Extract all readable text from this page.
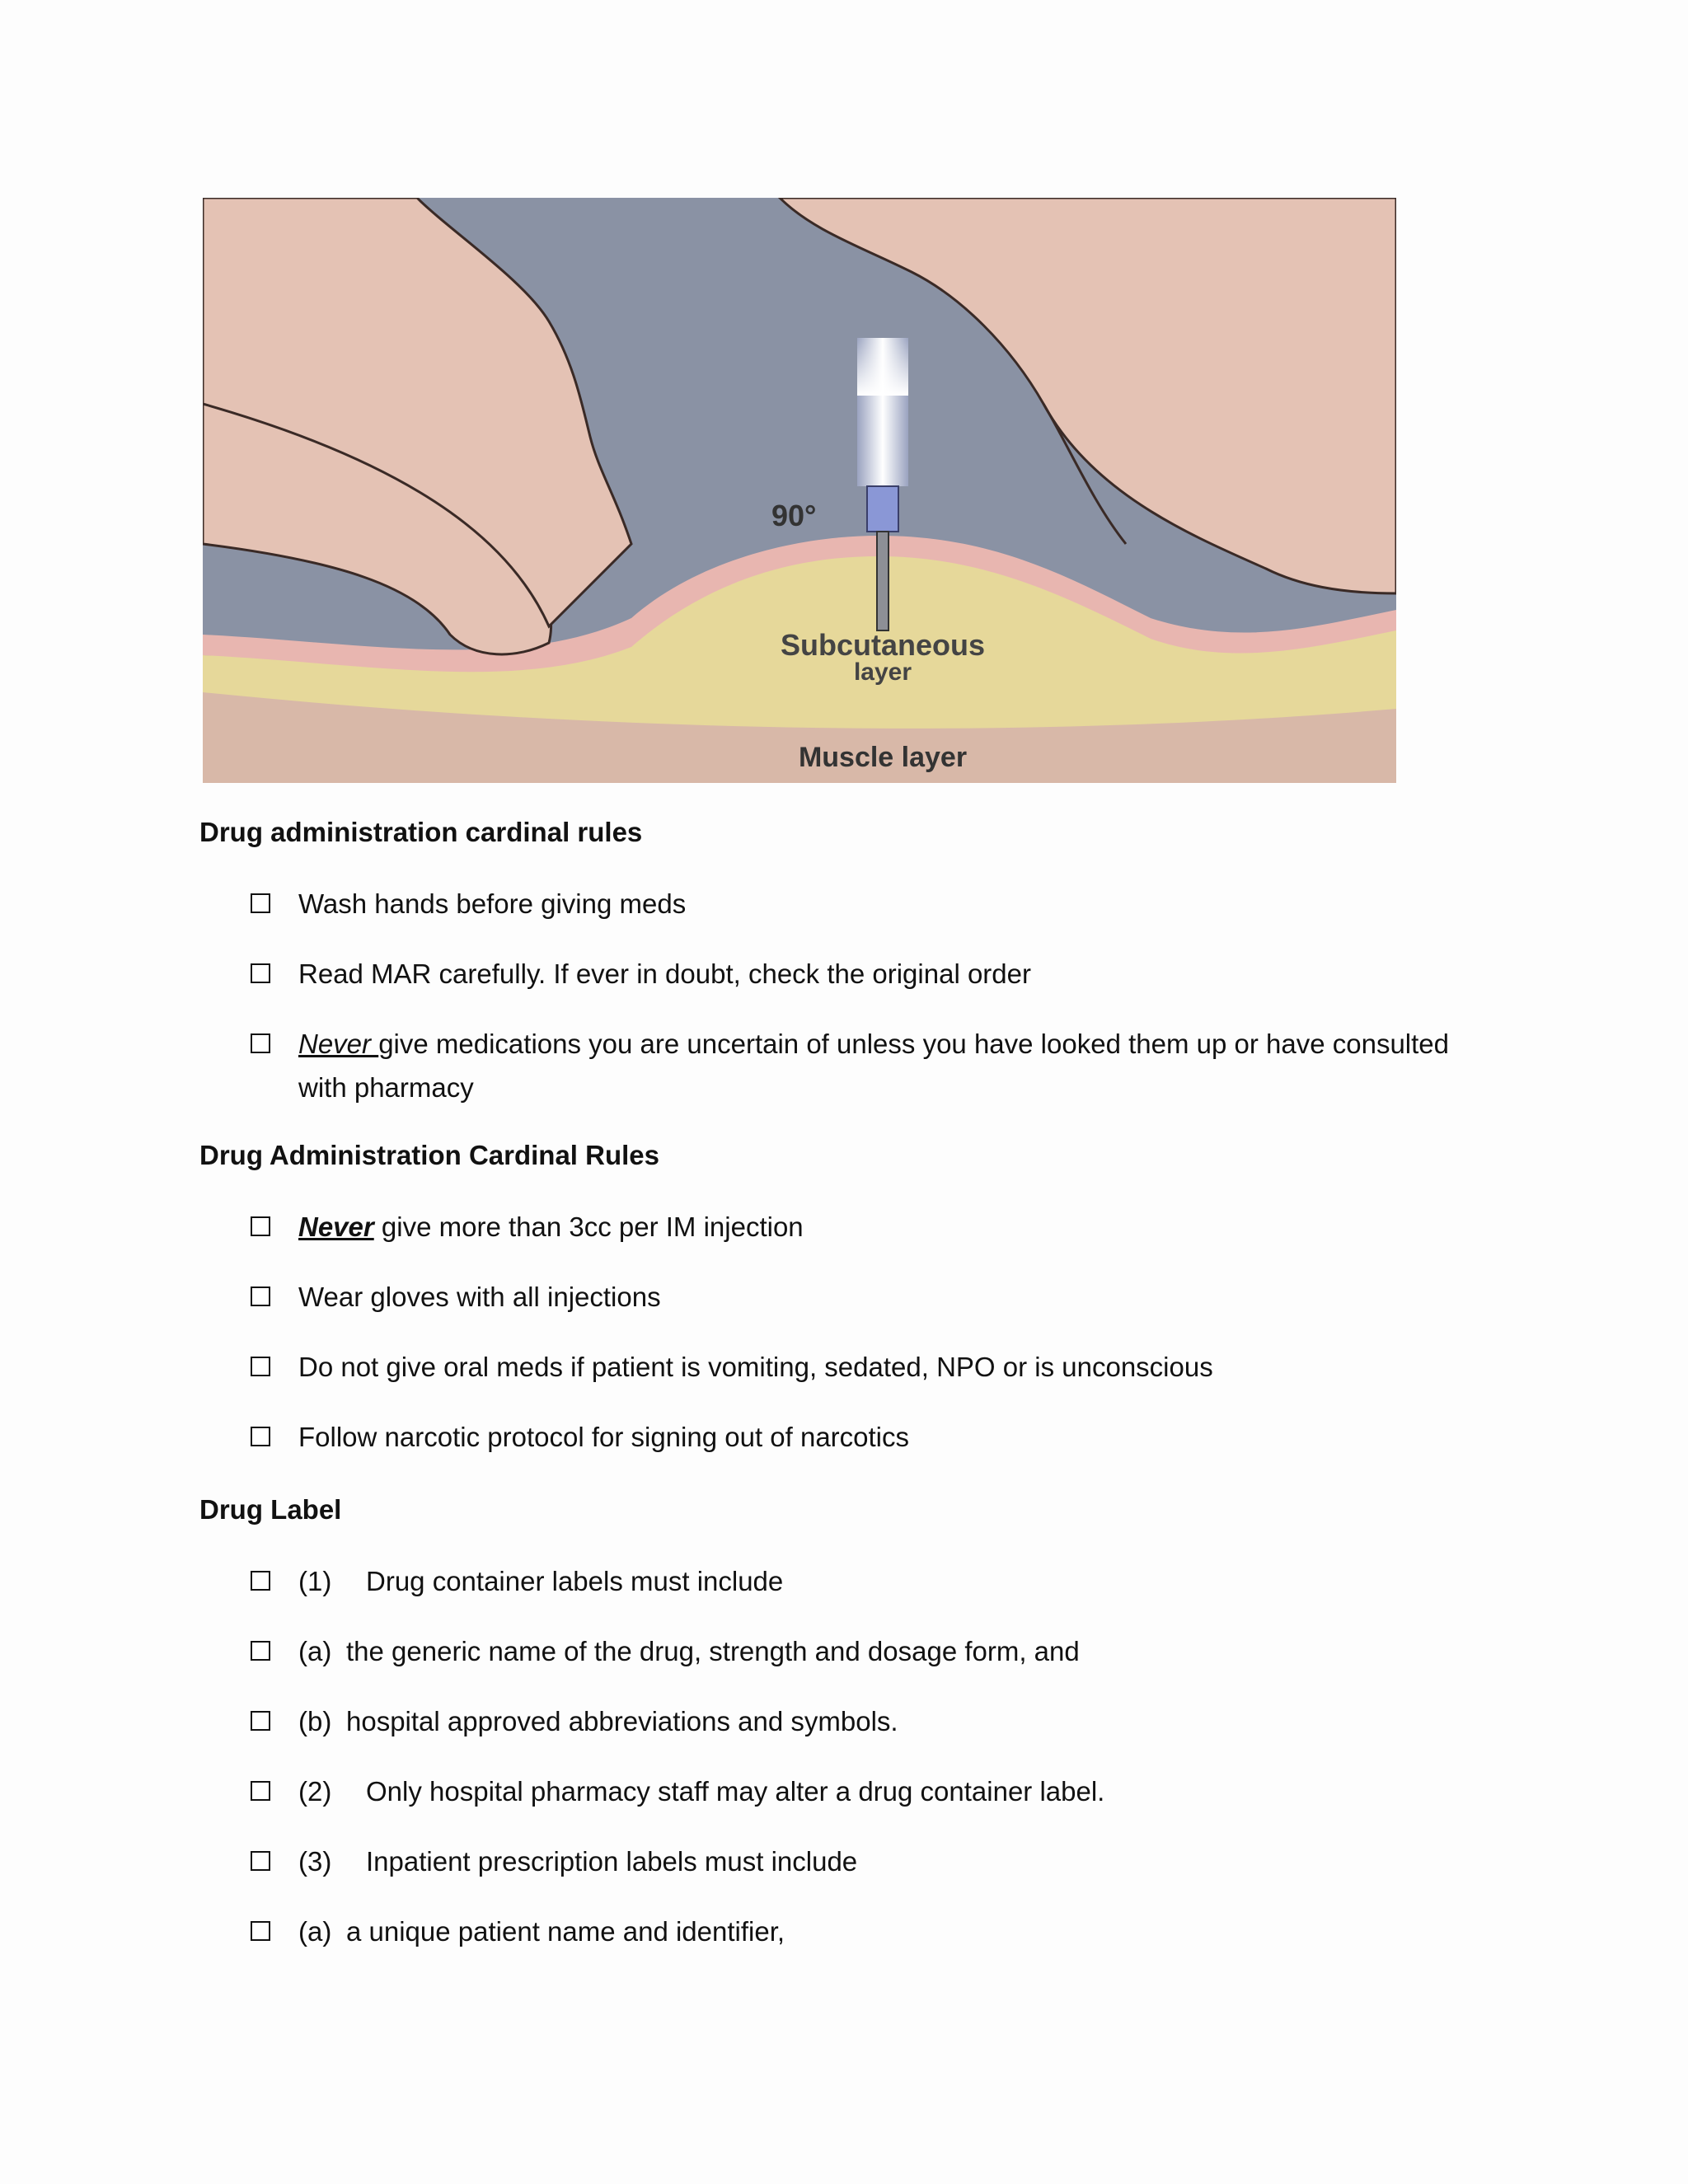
90°
Subcutaneous
layer
Muscle layer
Drug administration cardinal rules

Wash hands before giving meds

Read MAR carefully. If ever in doubt, check the original order

Never give medications you are uncertain of unless you have looked them up or have consulted with pharmacy

Drug Administration Cardinal Rules

Never give more than 3cc per IM injection

Wear gloves with all injections

Do not give oral meds if patient is vomiting, sedated, NPO or is unconscious

Follow narcotic protocol for signing out of narcotics

Drug Label

(1) Drug container labels must include

(a) the generic name of the drug, strength and dosage form, and

(b) hospital approved abbreviations and symbols.

(2) Only hospital pharmacy staff may alter a drug container label.

(3) Inpatient prescription labels must include

(a) a unique patient name and identifier,
